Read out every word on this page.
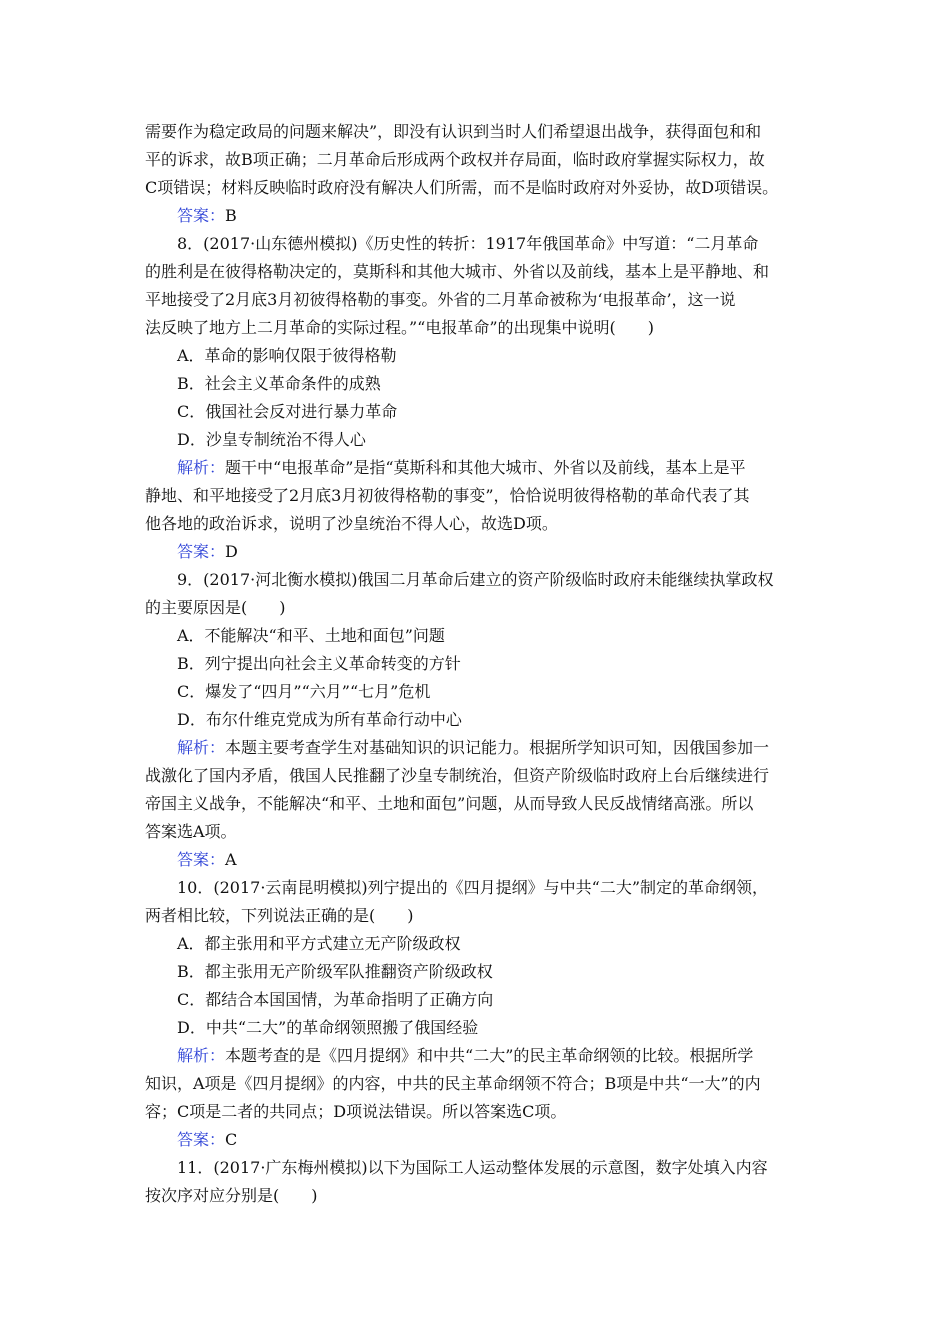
需要作为稳定政局的问题来解决”，即没有认识到当时人们希望退出战争，获得面包和和
平的诉求，故B项正确；二月革命后形成两个政权并存局面，临时政府掌握实际权力，故
C项错误；材料反映临时政府没有解决人们所需，而不是临时政府对外妥协，故D项错误。
答案：B
8．(2017·山东德州模拟)《历史性的转折：1917年俄国革命》中写道：“二月革命
的胜利是在彼得格勒决定的，莫斯科和其他大城市、外省以及前线，基本上是平静地、和
平地接受了2月底3月初彼得格勒的事变。外省的二月革命被称为‘电报革命’，这一说
法反映了地方上二月革命的实际过程。”“电报革命”的出现集中说明(　　)
A．革命的影响仅限于彼得格勒
B．社会主义革命条件的成熟
C．俄国社会反对进行暴力革命
D．沙皇专制统治不得人心
解析：题干中“电报革命”是指“莫斯科和其他大城市、外省以及前线，基本上是平
静地、和平地接受了2月底3月初彼得格勒的事变”，恰恰说明彼得格勒的革命代表了其
他各地的政治诉求，说明了沙皇统治不得人心，故选D项。
答案：D
9．(2017·河北衡水模拟)俄国二月革命后建立的资产阶级临时政府未能继续执掌政权
的主要原因是(　　)
A．不能解决“和平、土地和面包”问题
B．列宁提出向社会主义革命转变的方针
C．爆发了“四月”“六月”“七月”危机
D．布尔什维克党成为所有革命行动中心
解析：本题主要考查学生对基础知识的识记能力。根据所学知识可知，因俄国参加一
战激化了国内矛盾，俄国人民推翻了沙皇专制统治，但资产阶级临时政府上台后继续进行
帝国主义战争，不能解决“和平、土地和面包”问题，从而导致人民反战情绪高涨。所以
答案选A项。
答案：A
10．(2017·云南昆明模拟)列宁提出的《四月提纲》与中共“二大”制定的革命纲领，
两者相比较，下列说法正确的是(　　)
A．都主张用和平方式建立无产阶级政权
B．都主张用无产阶级军队推翻资产阶级政权
C．都结合本国国情，为革命指明了正确方向
D．中共“二大”的革命纲领照搬了俄国经验
解析：本题考查的是《四月提纲》和中共“二大”的民主革命纲领的比较。根据所学
知识，A项是《四月提纲》的内容，中共的民主革命纲领不符合；B项是中共“一大”的内
容；C项是二者的共同点；D项说法错误。所以答案选C项。
答案：C
11．(2017·广东梅州模拟)以下为国际工人运动整体发展的示意图，数字处填入内容
按次序对应分别是(　　)
